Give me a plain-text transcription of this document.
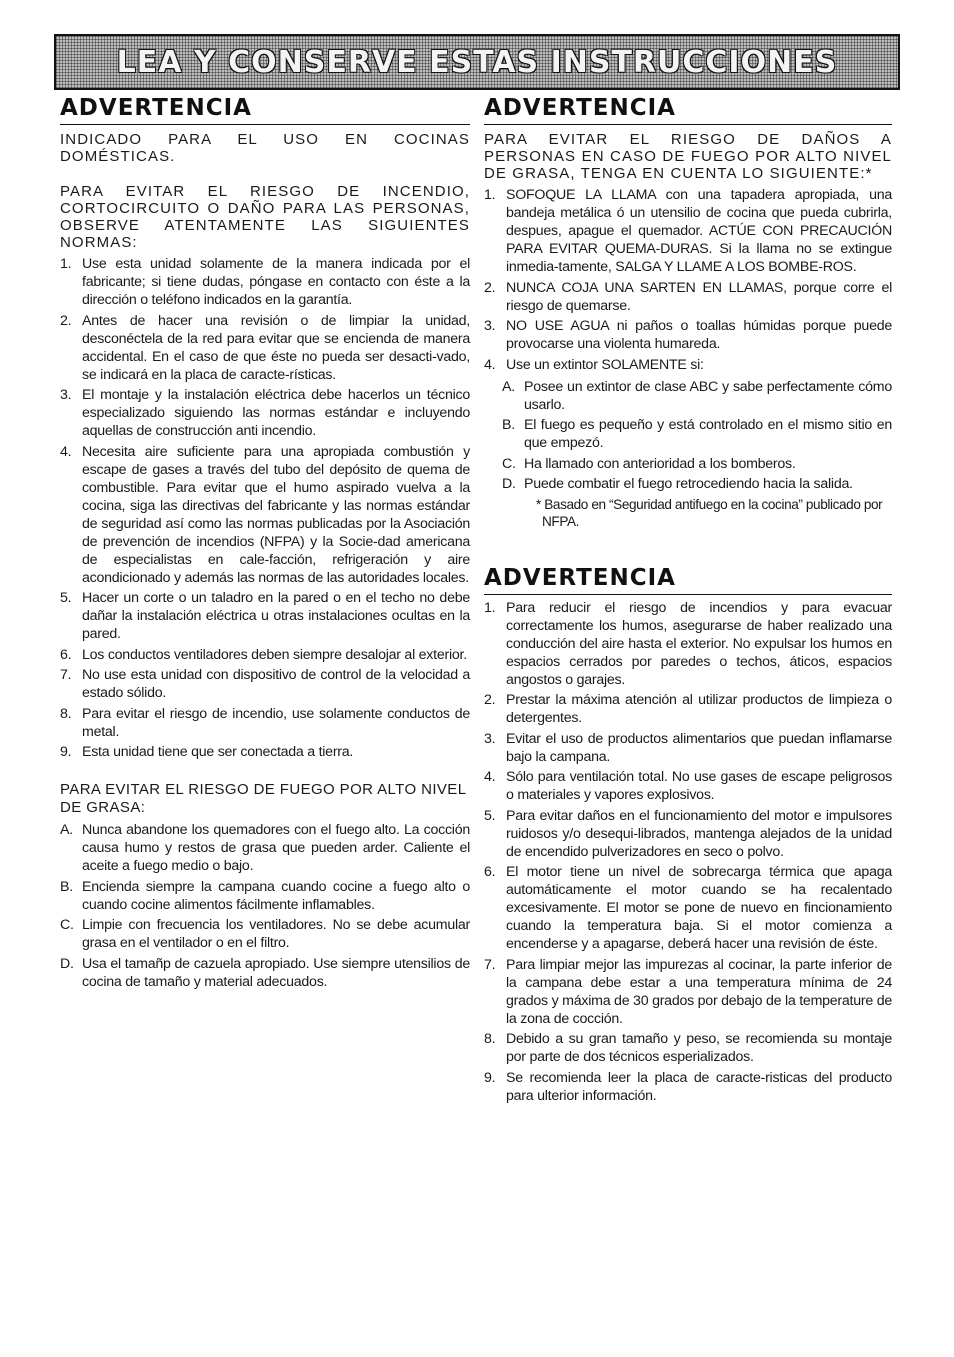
LEA Y CONSERVE ESTAS INSTRUCCIONES
ADVERTENCIA

INDICADO PARA EL USO EN COCINAS DOMÉSTICAS.

PARA EVITAR EL RIESGO DE INCENDIO, CORTOCIRCUITO O DAÑO PARA LAS PERSONAS, OBSERVE ATENTAMENTE LAS SIGUIENTES NORMAS:

1. Use esta unidad solamente de la manera indicada por el fabricante; si tiene dudas, póngase en contacto con éste a la dirección o teléfono indicados en la garantía.
2. Antes de hacer una revisión o de limpiar la unidad, desconéctela de la red para evitar que se encienda de manera accidental. En el caso de que éste no pueda ser desacti-vado, se indicará en la placa de caracte-rísticas.
3. El montaje y la instalación eléctrica debe hacerlos un técnico especializado siguiendo las normas estándar e incluyendo aquellas de construcción anti incendio.
4. Necesita aire suficiente para una apropiada combustión y escape de gases a través del tubo del depósito de quema de combustible. Para evitar que el humo aspirado vuelva a la cocina, siga las directivas del fabricante y las normas estándar de seguridad así como las normas publicadas por la Asociación de prevención de incendios (NFPA) y la Socie-dad americana de especialistas en cale-facción, refrigeración y aire acondicionado y además las normas de las autoridades locales.
5. Hacer un corte o un taladro en la pared o en el techo no debe dañar la instalación eléctrica u otras instalaciones ocultas en la pared.
6. Los conductos ventiladores deben siempre desalojar al exterior.
7. No use esta unidad con dispositivo de control de la velocidad a estado sólido.
8. Para evitar el riesgo de incendio, use solamente conductos de metal.
9. Esta unidad tiene que ser conectada a tierra.

PARA EVITAR EL RIESGO DE FUEGO POR ALTO NIVEL DE GRASA:

A. Nunca abandone los quemadores con el fuego alto. La cocción causa humo y restos de grasa que pueden arder. Caliente el aceite a fuego medio o bajo.
B. Encienda siempre la campana cuando cocine a fuego alto o cuando cocine alimentos fácilmente inflamables.
C. Limpie con frecuencia los ventiladores. No se debe acumular grasa en el ventilador o en el filtro.
D. Usa el tamañp de cazuela apropiado. Use siempre utensilios de cocina de tamaño y material adecuados.
ADVERTENCIA

PARA EVITAR EL RIESGO DE DAÑOS A PERSONAS EN CASO DE FUEGO POR ALTO NIVEL DE GRASA, TENGA EN CUENTA LO SIGUIENTE:*

1. SOFOQUE LA LLAMA con una tapadera apropiada, una bandeja metálica ó un utensilio de cocina que pueda cubrirla, despues, apague el quemador. ACTÚE CON PRECAUCIÓN PARA EVITAR QUEMA-DURAS. Si la llama no se extingue inmedia-tamente, SALGA Y LLAME A LOS BOMBE-ROS.
2. NUNCA COJA UNA SARTEN EN LLAMAS, porque corre el riesgo de quemarse.
3. NO USE AGUA ni paños o toallas húmidas porque puede provocarse una violenta humareda.
4. Use un extintor SOLAMENTE si:
A. Posee un extintor de clase ABC y sabe perfectamente cómo usarlo.
B. El fuego es pequeño y está controlado en el mismo sitio en que empezó.
C. Ha llamado con anterioridad a los bomberos.
D. Puede combatir el fuego retrocediendo hacia la salida.

* Basado en “Seguridad antifuego en la cocina” publicado por NFPA.

ADVERTENCIA
1. Para reducir el riesgo de incendios y para evacuar correctamente los humos, asegurarse de haber realizado una conducción del aire hasta el exterior. No expulsar los humos en espacios cerrados por paredes o techos, áticos, espacios angostos o garajes.
2. Prestar la máxima atención al utilizar productos de limpieza o detergentes.
3. Evitar el uso de productos alimentarios que puedan inflamarse bajo la campana.
4. Sólo para ventilación total. No use gases de escape peligrosos o materiales y vapores explosivos.
5. Para evitar daños en el funcionamiento del motor e impulsores ruidosos y/o desequi-librados, mantenga alejados de la unidad de encendido pulverizadores en seco o polvo.
6. El motor tiene un nivel de sobrecarga térmica que apaga automáticamente el motor cuando se ha recalentado excesivamente. El motor se pone de nuevo en fincionamiento cuando la temperatura baja. Si el motor comienza a encenderse y a apagarse, deberá hacer una revisión de éste.
7. Para limpiar mejor las impurezas al cocinar, la parte inferior de la campana debe estar a una temperatura mínima de 24 grados y máxima de 30 grados por debajo de la temperature de la zona de cocción.
8. Debido a su gran tamaño y peso, se recomienda su montaje por parte de dos técnicos esperializados.
9. Se recomienda leer la placa de caracte-risticas del producto para ulterior información.
